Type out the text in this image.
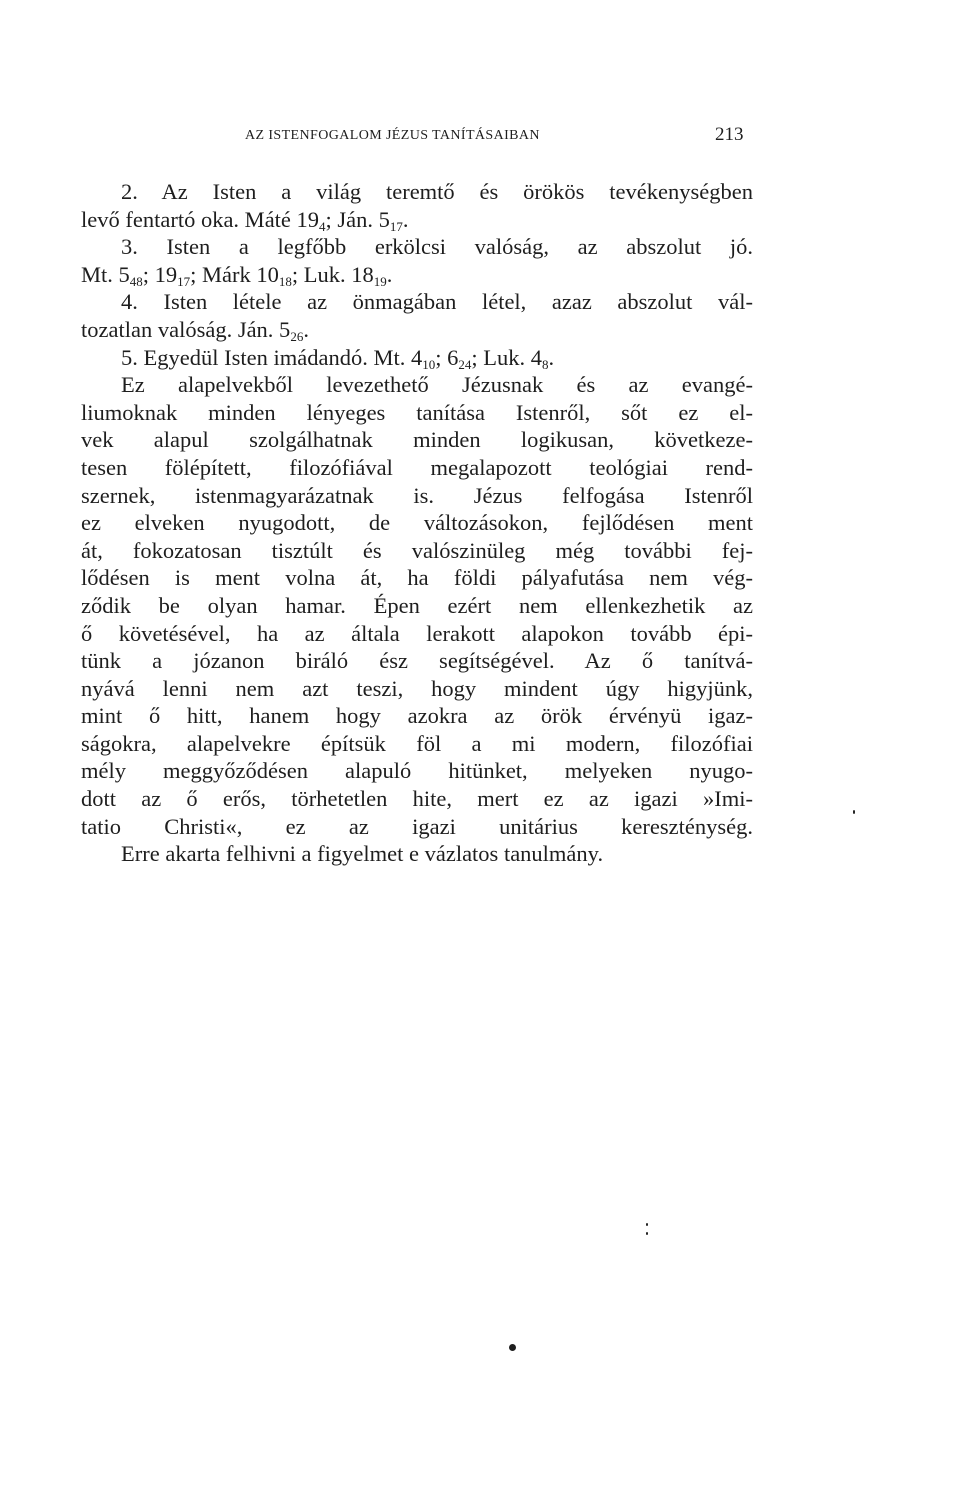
AZ ISTENFOGALOM JÉZUS TANÍTÁSAIBAN	213
2. Az Isten a világ teremtő és örökös tevékenységben
levő fentartó oka. Máté $19_4$; Ján. $5_{17}$.
3. Isten a legfőbb erkölcsi valóság, az abszolut jó.
Mt. $5_{48}$; $19_{17}$; Márk $10_{18}$; Luk. $18_{19}$.
4. Isten létele az önmagában létel, azaz abszolut vál-
tozatlan valóság. Ján. $5_{26}$.
5. Egyedül Isten imádandó. Mt. $4_{10}$; $6_{24}$; Luk. $4_8$.
Ez alapelvekből levezethető Jézusnak és az evangé-
liumoknak minden lényeges tanítása Istenről, sőt ez el-
vek alapul szolgálhatnak minden logikusan, következe-
tesen fölépített, filozófiával megalapozott teológiai rend-
szernek, istenmagyarázatnak is. Jézus felfogása Istenről
ez elveken nyugodott, de változásokon, fejlődésen ment
át, fokozatosan tisztúlt és valószinüleg még további fej-
lődésen is ment volna át, ha földi pályafutása nem vég-
ződik be olyan hamar. Épen ezért nem ellenkezhetik az
ő követésével, ha az általa lerakott alapokon tovább épi-
tünk a józanon biráló ész segítségével. Az ő tanítvá-
nyává lenni nem azt teszi, hogy mindent úgy higyjünk,
mint ő hitt, hanem hogy azokra az örök érvényü igaz-
ságokra, alapelvekre építsük föl a mi modern, filozófiai
mély meggyőződésen alapuló hitünket, melyeken nyugo-
dott az ő erős, törhetetlen hite, mert ez az igazi »Imi-
tatio Christi«, ez az igazi unitárius kereszténység.
Erre akarta felhivni a figyelmet e vázlatos tanulmány.
